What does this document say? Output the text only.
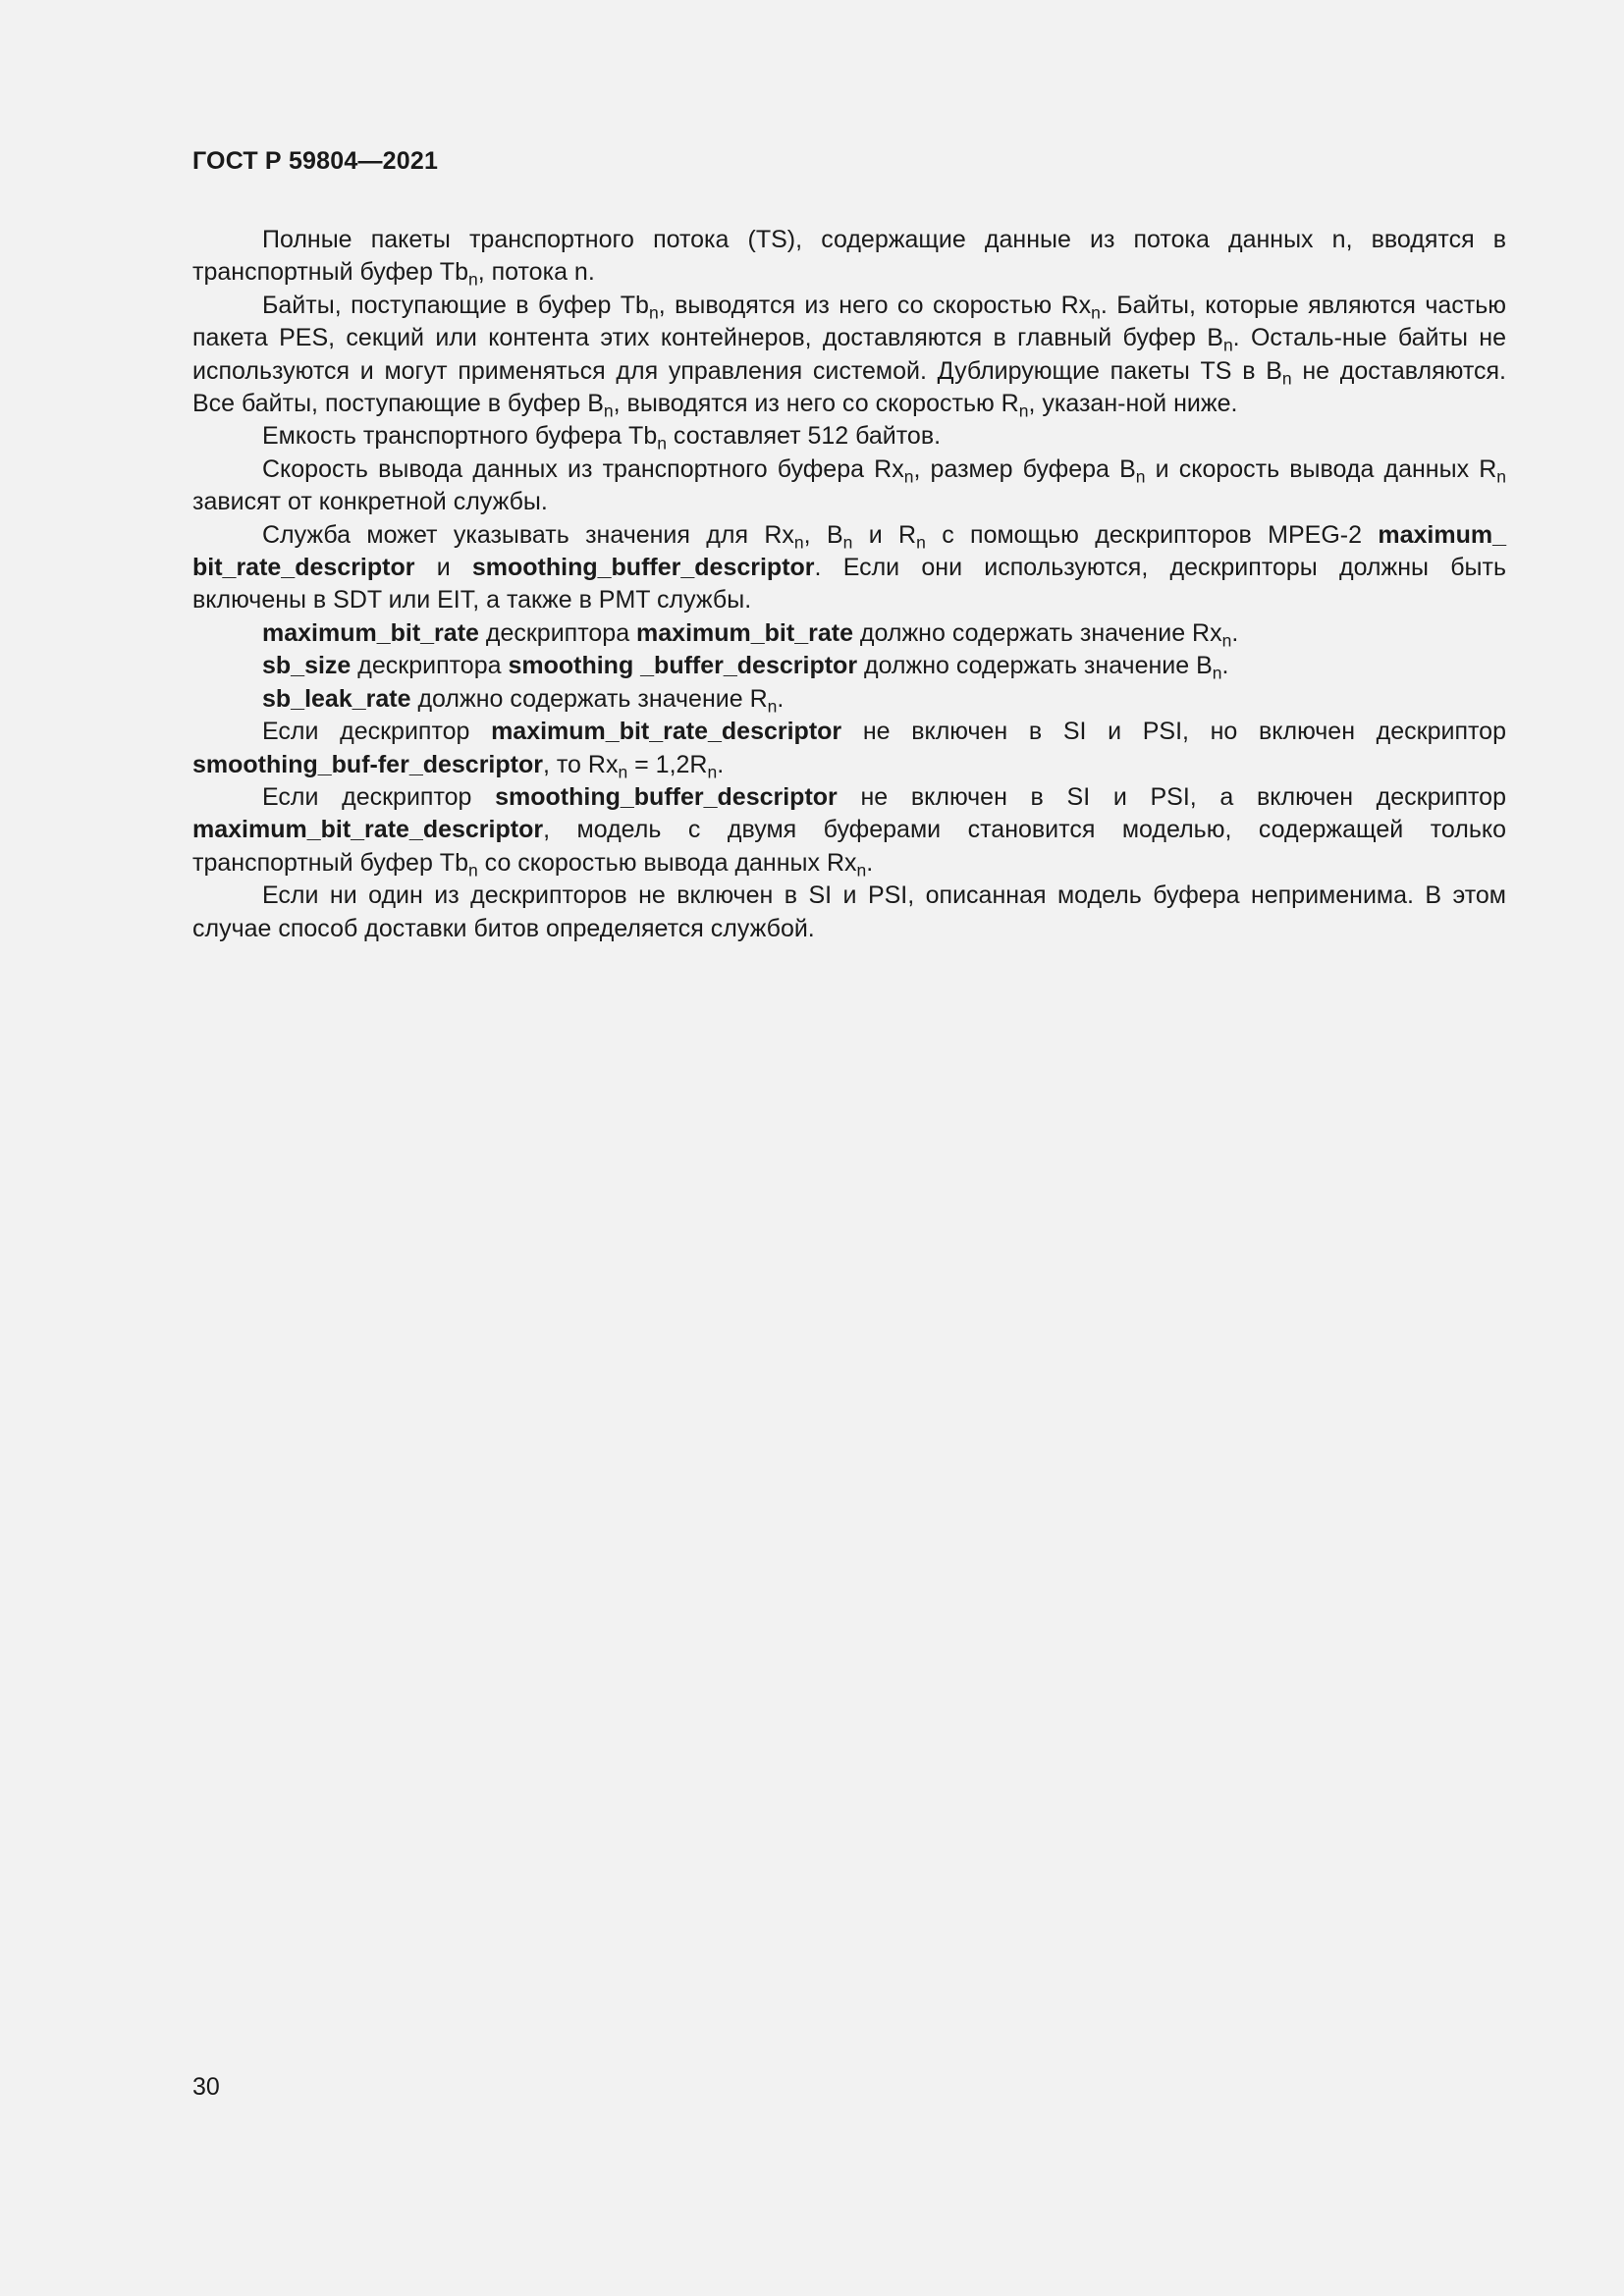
ГОСТ Р 59804—2021

Полные пакеты транспортного потока (TS), содержащие данные из потока данных n, вводятся в транспортный буфер $Tb_n$, потока n.

Байты, поступающие в буфер $Tb_n$, выводятся из него со скоростью $Rx_n$. Байты, которые являются частью пакета PES, секций или контента этих контейнеров, доставляются в главный буфер $B_n$. Осталь-ные байты не используются и могут применяться для управления системой. Дублирующие пакеты TS в $B_n$ не доставляются. Все байты, поступающие в буфер $B_n$, выводятся из него со скоростью $R_n$, указан-ной ниже.

Емкость транспортного буфера $Tb_n$ составляет 512 байтов.

Скорость вывода данных из транспортного буфера $Rx_n$, размер буфера $B_n$ и скорость вывода данных $R_n$ зависят от конкретной службы.

Служба может указывать значения для $Rx_n$, $B_n$ и $R_n$ с помощью дескрипторов MPEG-2 maximum_ bit_rate_descriptor и smoothing_buffer_descriptor. Если они используются, дескрипторы должны быть включены в SDT или EIT, а также в PMT службы.

maximum_bit_rate дескриптора maximum_bit_rate должно содержать значение $Rx_n$.

sb_size дескриптора smoothing _buffer_descriptor должно содержать значение $B_n$.

sb_leak_rate должно содержать значение $R_n$.

Если дескриптор maximum_bit_rate_descriptor не включен в SI и PSI, но включен дескриптор smoothing_buf-fer_descriptor, то $Rx_n = 1,2R_n$.

Если дескриптор smoothing_buffer_descriptor не включен в SI и PSI, а включен дескриптор maximum_bit_rate_descriptor, модель с двумя буферами становится моделью, содержащей только транспортный буфер $Tb_n$ со скоростью вывода данных $Rx_n$.

Если ни один из дескрипторов не включен в SI и PSI, описанная модель буфера неприменима. В этом случае способ доставки битов определяется службой.

30
